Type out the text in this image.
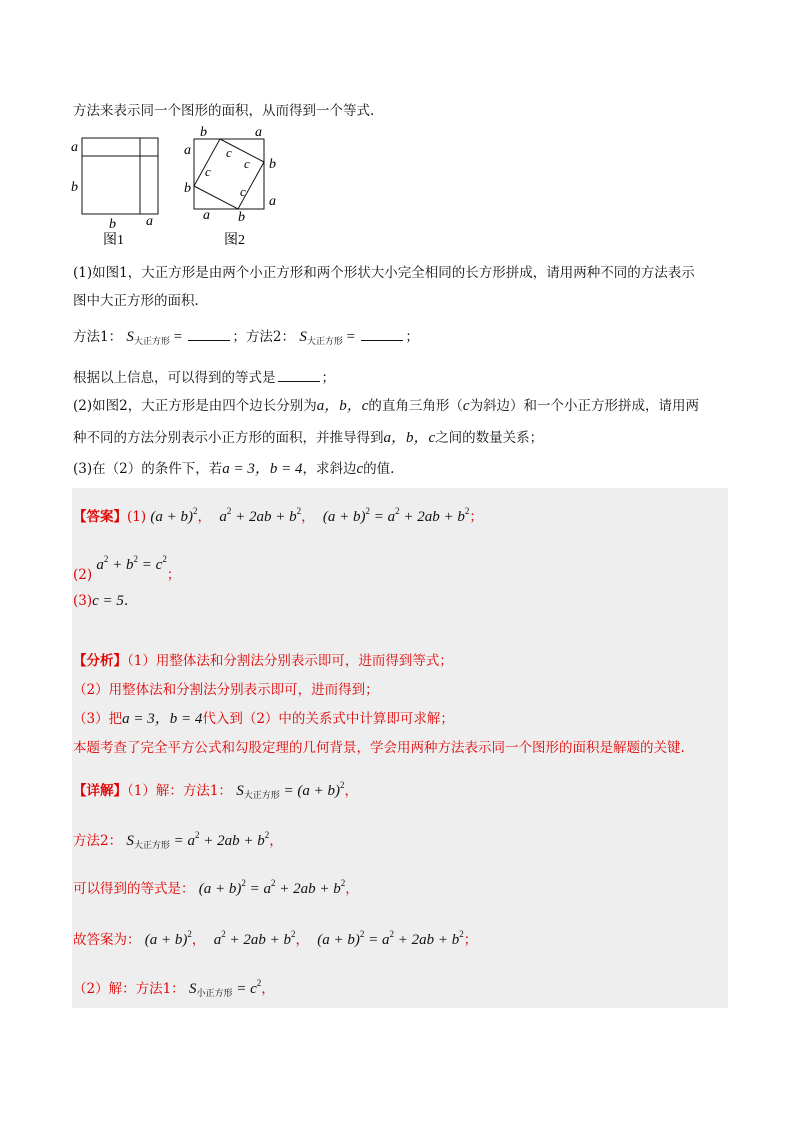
方法来表示同一个图形的面积，从而得到一个等式.
a
b
b a
图1
b	a
a
b
b
a
a b
c
c
c
c
图2
(1)如图1，大正方形是由两个小正方形和两个形状大小完全相同的长方形拼成，请用两种不同的方法表示
图中大正方形的面积.
方法1： $S_{大正方形}$ =	；方法2： $S_{大正方形}$ =	；
根据以上信息，可以得到的等式是	；
(2)如图2，大正方形是由四个边长分别为a，b，c的直角三角形（c为斜边）和一个小正方形拼成，请用两
种不同的方法分别表示小正方形的面积，并推导得到a，b，c之间的数量关系；
(3)在（2）的条件下，若a = 3，b = 4，求斜边c的值.
【答案】(1) $(a + b)^2$， $a^2 + 2ab + b^2$， $(a + b)^2 = a^2 + 2ab + b^2$；
(2) $a^2 + b^2 = c^2$；
(3)c = 5.
【分析】（1）用整体法和分割法分别表示即可，进而得到等式；
（2）用整体法和分割法分别表示即可，进而得到；
（3）把a = 3，b = 4代入到（2）中的关系式中计算即可求解；
本题考查了完全平方公式和勾股定理的几何背景，学会用两种方法表示同一个图形的面积是解题的关键.
【详解】（1）解：方法1： $S_{大正方形} = (a + b)^2$，
方法2： $S_{大正方形} = a^2 + 2ab + b^2$，
可以得到的等式是： $(a + b)^2 = a^2 + 2ab + b^2$，
故答案为： $(a + b)^2$， $a^2 + 2ab + b^2$， $(a + b)^2 = a^2 + 2ab + b^2$；
（2）解：方法1： $S_{小正方形} = c^2$，
